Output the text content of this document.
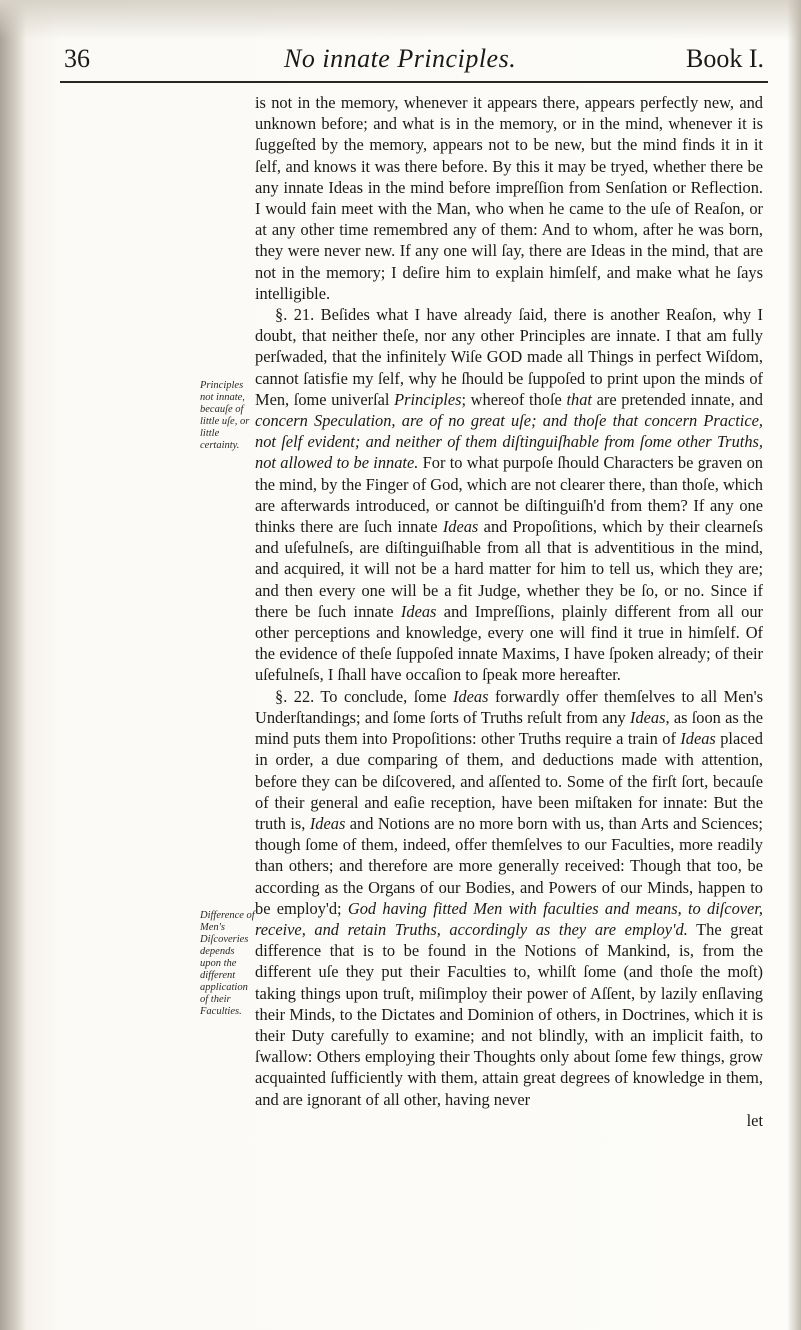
36	No innate Principles.	Book I.
Principles not innate, becauſe of little uſe, or little certainty.
Difference of Men's Diſcoveries depends upon the different application of their Faculties.

is not in the memory, whenever it appears there, appears perfectly new, and unknown before; and what is in the memory, or in the mind, whenever it is ſuggeſted by the memory, appears not to be new, but the mind finds it in it ſelf, and knows it was there before. By this it may be tryed, whether there be any innate Ideas in the mind before impreſſion from Senſation or Reflection. I would fain meet with the Man, who when he came to the uſe of Reaſon, or at any other time remembred any of them: And to whom, after he was born, they were never new. If any one will ſay, there are Ideas in the mind, that are not in the memory; I deſire him to explain himſelf, and make what he ſays intelligible.

§. 21. Beſides what I have already ſaid, there is another Reaſon, why I doubt, that neither theſe, nor any other Principles are innate. I that am fully perſwaded, that the infinitely Wiſe GOD made all Things in perfect Wiſdom, cannot ſatisfie my ſelf, why he ſhould be ſuppoſed to print upon the minds of Men, ſome univerſal Principles; whereof thoſe that are pretended innate, and concern Speculation, are of no great uſe; and thoſe that concern Practice, not ſelf evident; and neither of them diſtinguiſhable from ſome other Truths, not allowed to be innate. For to what purpoſe ſhould Characters be graven on the mind, by the Finger of God, which are not clearer there, than thoſe, which are afterwards introduced, or cannot be diſtinguiſh'd from them? If any one thinks there are ſuch innate Ideas and Propoſitions, which by their clearneſs and uſefulneſs, are diſtinguiſhable from all that is adventitious in the mind, and acquired, it will not be a hard matter for him to tell us, which they are; and then every one will be a fit Judge, whether they be ſo, or no. Since if there be ſuch innate Ideas and Impreſſions, plainly different from all our other perceptions and knowledge, every one will find it true in himſelf. Of the evidence of theſe ſuppoſed innate Maxims, I have ſpoken already; of their uſefulneſs, I ſhall have occaſion to ſpeak more hereafter.

§. 22. To conclude, ſome Ideas forwardly offer themſelves to all Men's Underſtandings; and ſome ſorts of Truths reſult from any Ideas, as ſoon as the mind puts them into Propoſitions: other Truths require a train of Ideas placed in order, a due comparing of them, and deductions made with attention, before they can be diſcovered, and aſſented to. Some of the firſt ſort, becauſe of their general and eaſie reception, have been miſtaken for innate: But the truth is, Ideas and Notions are no more born with us, than Arts and Sciences; though ſome of them, indeed, offer themſelves to our Faculties, more readily than others; and therefore are more generally received: Though that too, be according as the Organs of our Bodies, and Powers of our Minds, happen to be employ'd; God having fitted Men with faculties and means, to diſcover, receive, and retain Truths, accordingly as they are employ'd. The great difference that is to be found in the Notions of Mankind, is, from the different uſe they put their Faculties to, whilſt ſome (and thoſe the moſt) taking things upon truſt, miſimploy their power of Aſſent, by lazily enſlaving their Minds, to the Dictates and Dominion of others, in Doctrines, which it is their Duty carefully to examine; and not blindly, with an implicit faith, to ſwallow: Others employing their Thoughts only about ſome few things, grow acquainted ſufficiently with them, attain great degrees of knowledge in them, and are ignorant of all other, having never

let
